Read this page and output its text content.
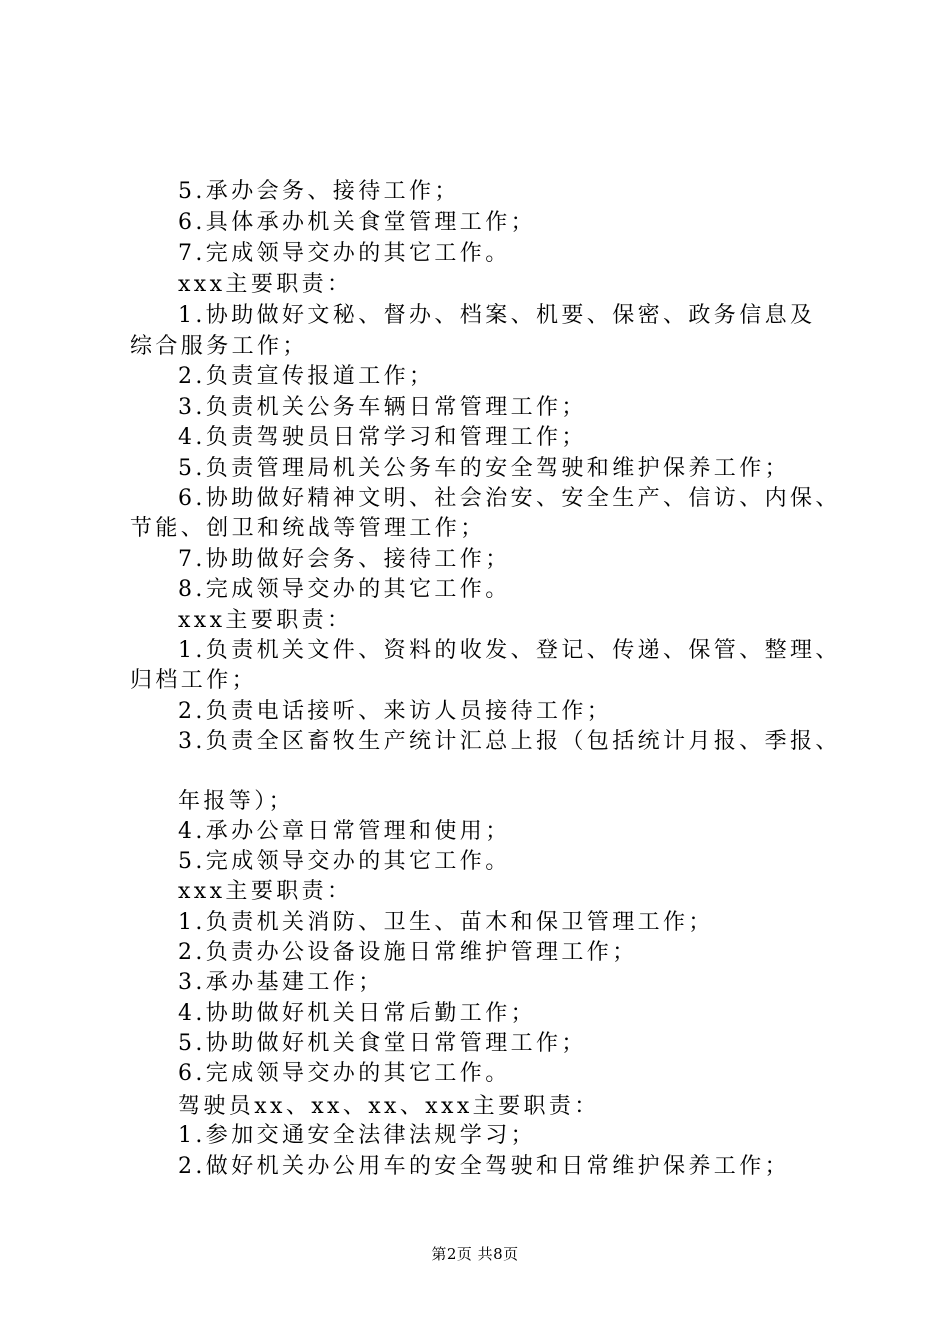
5.承办会务、接待工作；
6.具体承办机关食堂管理工作；
7.完成领导交办的其它工作。
xxx主要职责：
1.协助做好文秘、督办、档案、机要、保密、政务信息及
综合服务工作；
2.负责宣传报道工作；
3.负责机关公务车辆日常管理工作；
4.负责驾驶员日常学习和管理工作；
5.负责管理局机关公务车的安全驾驶和维护保养工作；
6.协助做好精神文明、社会治安、安全生产、信访、内保、
节能、创卫和统战等管理工作；
7.协助做好会务、接待工作；
8.完成领导交办的其它工作。
xxx主要职责：
1.负责机关文件、资料的收发、登记、传递、保管、整理、
归档工作；
2.负责电话接听、来访人员接待工作；
3.负责全区畜牧生产统计汇总上报（包括统计月报、季报、
年报等）；
4.承办公章日常管理和使用；
5.完成领导交办的其它工作。
xxx主要职责：
1.负责机关消防、卫生、苗木和保卫管理工作；
2.负责办公设备设施日常维护管理工作；
3.承办基建工作；
4.协助做好机关日常后勤工作；
5.协助做好机关食堂日常管理工作；
6.完成领导交办的其它工作。
驾驶员xx、xx、xx、xxx主要职责：
1.参加交通安全法律法规学习；
2.做好机关办公用车的安全驾驶和日常维护保养工作；
第2页 共8页
